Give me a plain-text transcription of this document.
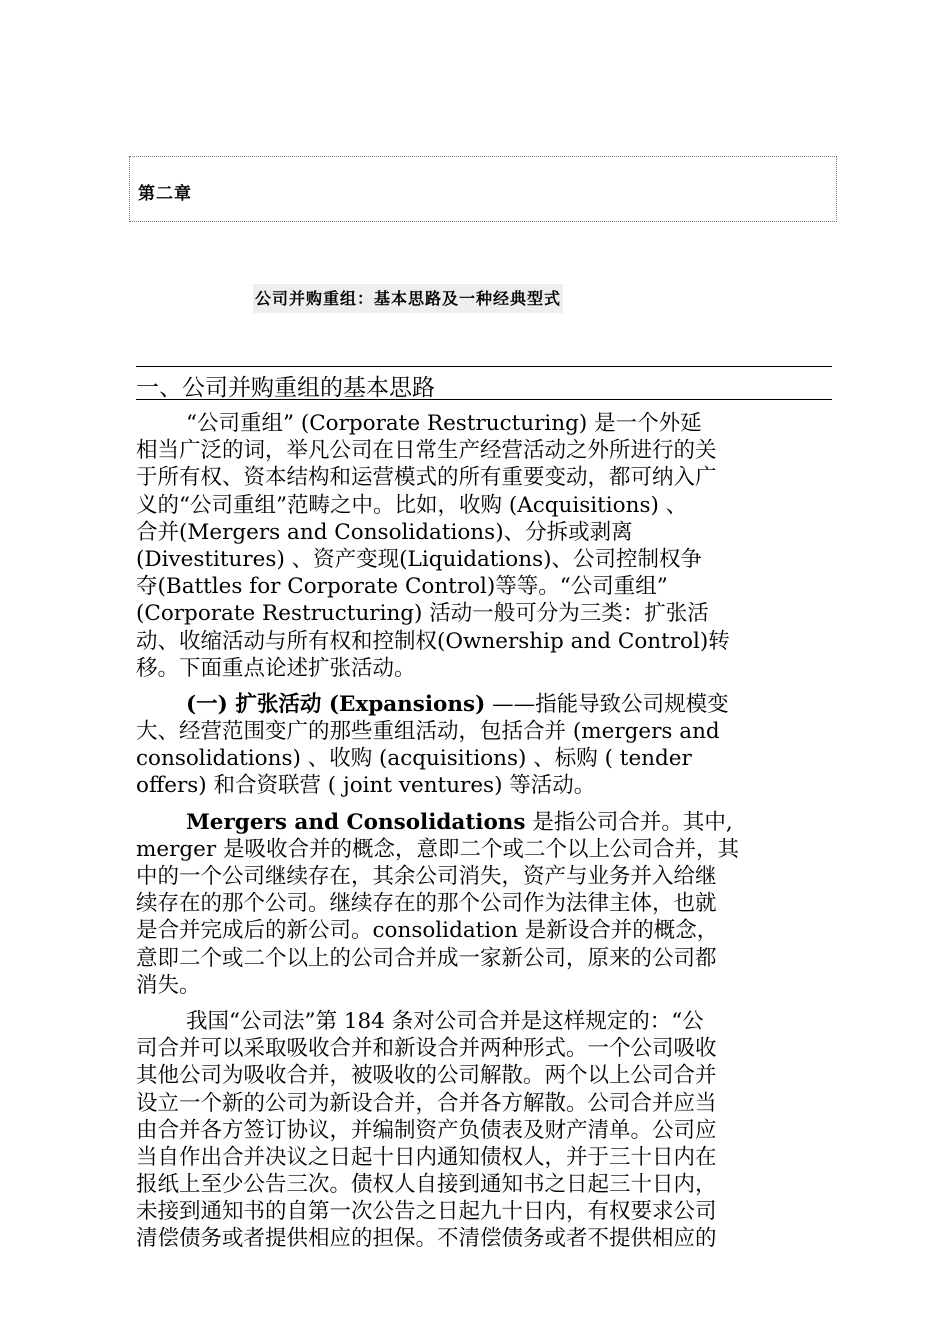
第二章
公司并购重组：基本思路及一种经典型式
一、公司并购重组的基本思路
“公司重组” (Corporate Restructuring) 是一个外延
相当广泛的词，举凡公司在日常生产经营活动之外所进行的关
于所有权、资本结构和运营模式的所有重要变动，都可纳入广
义的“公司重组”范畴之中。比如，收购 (Acquisitions) 、
合并(Mergers and Consolidations)、分拆或剥离
(Divestitures) 、资产变现(Liquidations)、公司控制权争
夺(Battles for Corporate Control)等等。“公司重组”
(Corporate Restructuring) 活动一般可分为三类：扩张活
动、收缩活动与所有权和控制权(Ownership and Control)转
移。下面重点论述扩张活动。
(一) 扩张活动 (Expansions) ——指能导致公司规模变
大、经营范围变广的那些重组活动，包括合并 (mergers and
consolidations) 、收购 (acquisitions) 、标购 ( tender
offers) 和合资联营 ( joint ventures) 等活动。
Mergers and Consolidations 是指公司合并。其中,
merger 是吸收合并的概念，意即二个或二个以上公司合并，其
中的一个公司继续存在，其余公司消失，资产与业务并入给继
续存在的那个公司。继续存在的那个公司作为法律主体，也就
是合并完成后的新公司。consolidation 是新设合并的概念，
意即二个或二个以上的公司合并成一家新公司，原来的公司都
消失。
我国“公司法”第 184 条对公司合并是这样规定的：“公
司合并可以采取吸收合并和新设合并两种形式。一个公司吸收
其他公司为吸收合并，被吸收的公司解散。两个以上公司合并
设立一个新的公司为新设合并，合并各方解散。公司合并应当
由合并各方签订协议，并编制资产负债表及财产清单。公司应
当自作出合并决议之日起十日内通知债权人，并于三十日内在
报纸上至少公告三次。债权人自接到通知书之日起三十日内，
未接到通知书的自第一次公告之日起九十日内，有权要求公司
清偿债务或者提供相应的担保。不清偿债务或者不提供相应的
